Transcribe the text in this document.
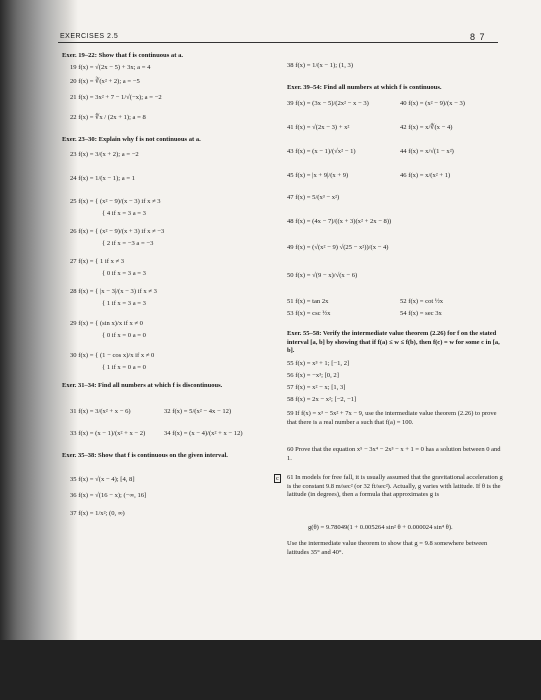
EXERCISES 2.5	8 7
Exer. 19–22: Show that f is continuous at a.
19 f(x) = √(2x − 5) + 3x; a = 4
20 f(x) = ∛(x² + 2); a = −5
21 f(x) = 3x² + 7 − 1/√(−x); a = −2
22 f(x) = ∜x / (2x + 1); a = 8
Exer. 23–30: Explain why f is not continuous at a.
23 f(x) = 3/(x + 2); a = −2
24 f(x) = 1/(x − 1); a = 1
25 f(x) = { (x² − 9)/(x − 3) if x ≠ 3
{ 4 if x = 3 a = 3
26 f(x) = { (x² − 9)/(x + 3) if x ≠ −3
{ 2 if x = −3 a = −3
27 f(x) = { 1 if x ≠ 3
{ 0 if x = 3 a = 3
28 f(x) = { |x − 3|/(x − 3) if x ≠ 3
{ 1 if x = 3 a = 3
29 f(x) = { (sin x)/x if x ≠ 0
{ 0 if x = 0 a = 0
30 f(x) = { (1 − cos x)/x if x ≠ 0
{ 1 if x = 0 a = 0
Exer. 31–34: Find all numbers at which f is discontinuous.
31 f(x) = 3/(x² + x − 6)	32 f(x) = 5/(x² − 4x − 12)
33 f(x) = (x − 1)/(x² + x − 2)	34 f(x) = (x − 4)/(x² + x − 12)
Exer. 35–38: Show that f is continuous on the given interval.
35 f(x) = √(x − 4); [4, 8]
36 f(x) = √(16 − x); (−∞, 16]
37 f(x) = 1/x²; (0, ∞)
38 f(x) = 1/(x − 1); (1, 3)
Exer. 39–54: Find all numbers at which f is continuous.
39 f(x) = (3x − 5)/(2x² − x − 3)	40 f(x) = (x² − 9)/(x − 3)
41 f(x) = √(2x − 3) + x²	42 f(x) = x/∜(x − 4)
43 f(x) = (x − 1)/(√x² − 1)	44 f(x) = x/√(1 − x²)
45 f(x) = |x + 9|/(x + 9)	46 f(x) = x/(x² + 1)
47 f(x) = 5/(x³ − x²)
48 f(x) = (4x − 7)/((x + 3)(x² + 2x − 8))
49 f(x) = (√(x² − 9) √(25 − x²))/(x − 4)
50 f(x) = √(9 − x)/√(x − 6)
51 f(x) = tan 2x	52 f(x) = cot ½x
53 f(x) = csc ½x	54 f(x) = sec 3x
Exer. 55–58: Verify the intermediate value theorem (2.26) for f on the stated interval [a, b] by showing that if f(a) ≤ w ≤ f(b), then f(c) = w for some c in [a, b].
55 f(x) = x³ + 1; [−1, 2]
56 f(x) = −x³; [0, 2]
57 f(x) = x² − x; [1, 3]
58 f(x) = 2x − x²; [−2, −1]
59 If f(x) = x³ − 5x² + 7x − 9, use the intermediate value theorem (2.26) to prove that there is a real number a such that f(a) = 100.
60 Prove that the equation x⁵ − 3x⁴ − 2x³ − x + 1 = 0 has a solution between 0 and 1.
c	61 In models for free fall, it is usually assumed that the gravitational acceleration g is the constant 9.8 m/sec² (or 32 ft/sec²). Actually, g varies with latitude. If θ is the latitude (in degrees), then a formula that approximates g is
g(θ) = 9.78049(1 + 0.005264 sin² θ + 0.000024 sin⁴ θ).
Use the intermediate value theorem to show that g = 9.8 somewhere between latitudes 35° and 40°.
